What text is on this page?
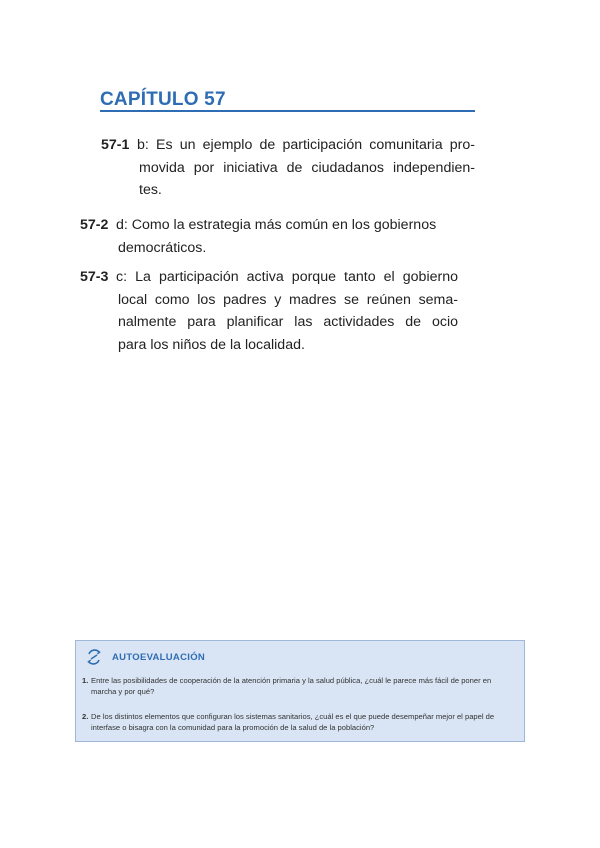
CAPÍTULO 57
57-1 b: Es un ejemplo de participación comunitaria pro-
movida por iniciativa de ciudadanos independien-
tes.
57-2 d: Como la estrategia más común en los gobiernos
democráticos.
57-3 c: La participación activa porque tanto el gobierno
local como los padres y madres se reúnen sema-
nalmente para planificar las actividades de ocio
para los niños de la localidad.
AUTOEVALUACIÓN
1. Entre las posibilidades de cooperación de la atención primaria y la salud pública, ¿cuál le parece más fácil de poner en marcha y por qué?
2. De los distintos elementos que configuran los sistemas sanitarios, ¿cuál es el que puede desempeñar mejor el papel de interfase o bisagra con la comunidad para la promoción de la salud de la población?
